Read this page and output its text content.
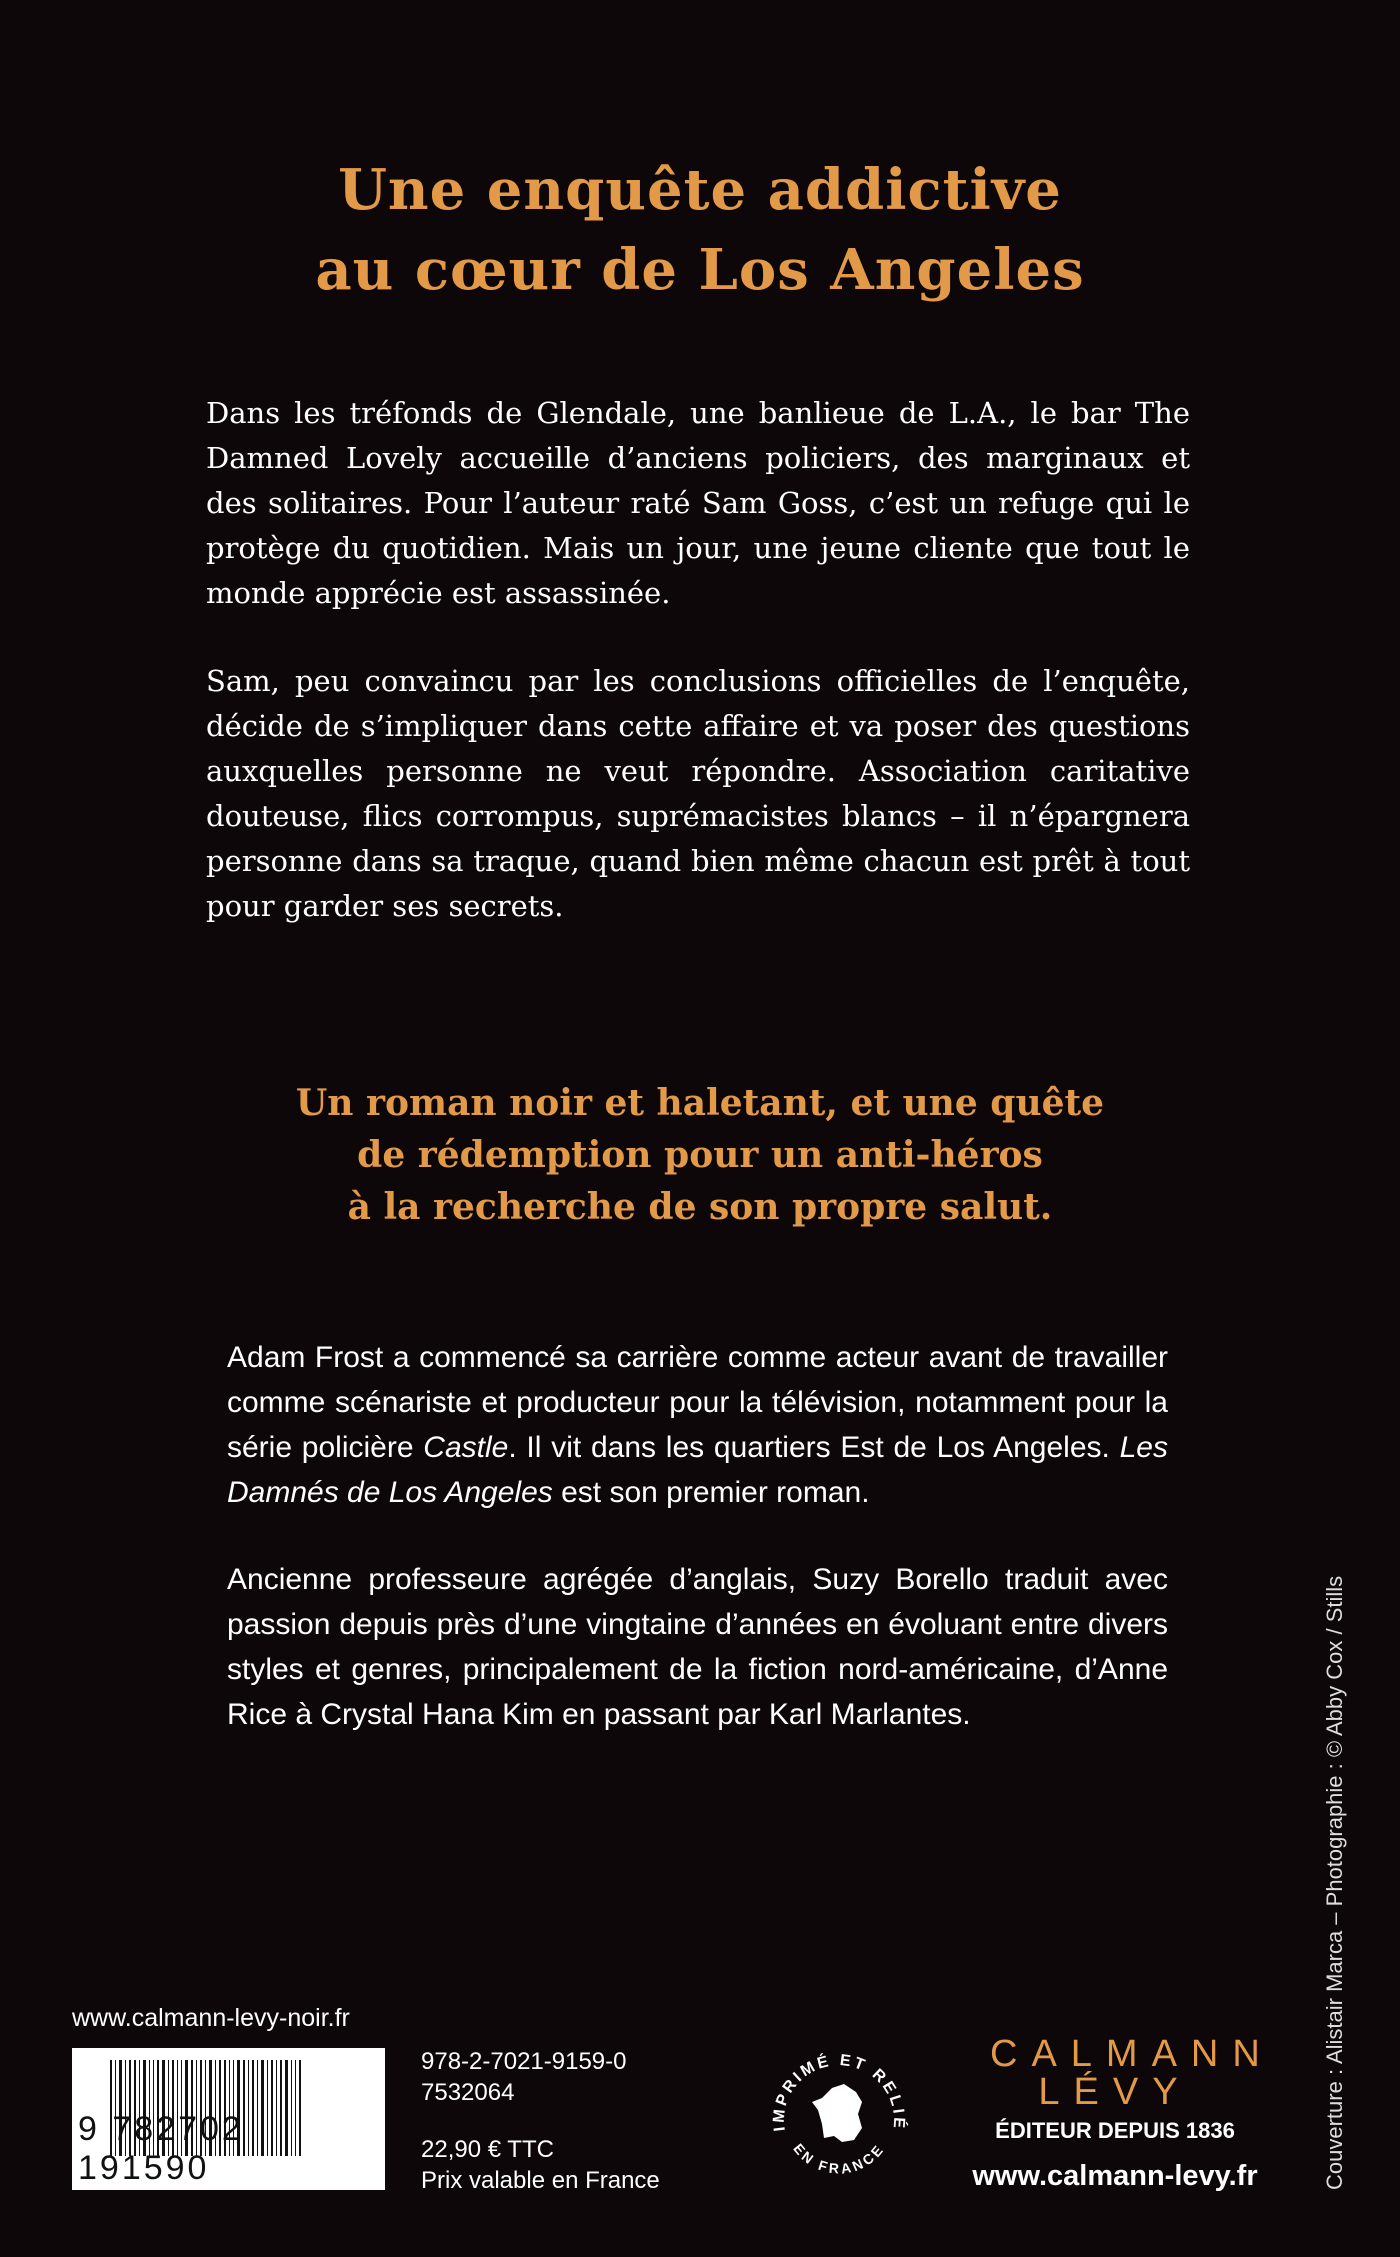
Une enquête addictive
au cœur de Los Angeles

Dans les tréfonds de Glendale, une banlieue de L.A., le bar The Damned Lovely accueille d’anciens policiers, des marginaux et des solitaires. Pour l’auteur raté Sam Goss, c’est un refuge qui le protège du quotidien. Mais un jour, une jeune cliente que tout le monde apprécie est assassinée.

Sam, peu convaincu par les conclusions officielles de l’enquête, décide de s’impliquer dans cette affaire et va poser des questions auxquelles personne ne veut répondre. Association caritative douteuse, flics corrompus, suprémacistes blancs – il n’épargnera personne dans sa traque, quand bien même chacun est prêt à tout pour garder ses secrets.

Un roman noir et haletant, et une quête
de rédemption pour un anti-héros
à la recherche de son propre salut.

Adam Frost a commencé sa carrière comme acteur avant de travailler comme scénariste et producteur pour la télévision, notamment pour la série policière Castle. Il vit dans les quartiers Est de Los Angeles. Les Damnés de Los Angeles est son premier roman.

Ancienne professeure agrégée d’anglais, Suzy Borello traduit avec passion depuis près d’une vingtaine d’années en évoluant entre divers styles et genres, principalement de la fiction nord-américaine, d’Anne Rice à Crystal Hana Kim en passant par Karl Marlantes.

www.calmann-levy-noir.fr
9 782702 191590
978-2-7021-9159-0
7532064
22,90 € TTC
Prix valable en France
IMPRIMÉ ET RELIÉ
EN FRANCE
CALMANN
LÉVY
ÉDITEUR DEPUIS 1836
www.calmann-levy.fr	Couverture : Alistair Marca – Photographie : © Abby Cox / Stills
